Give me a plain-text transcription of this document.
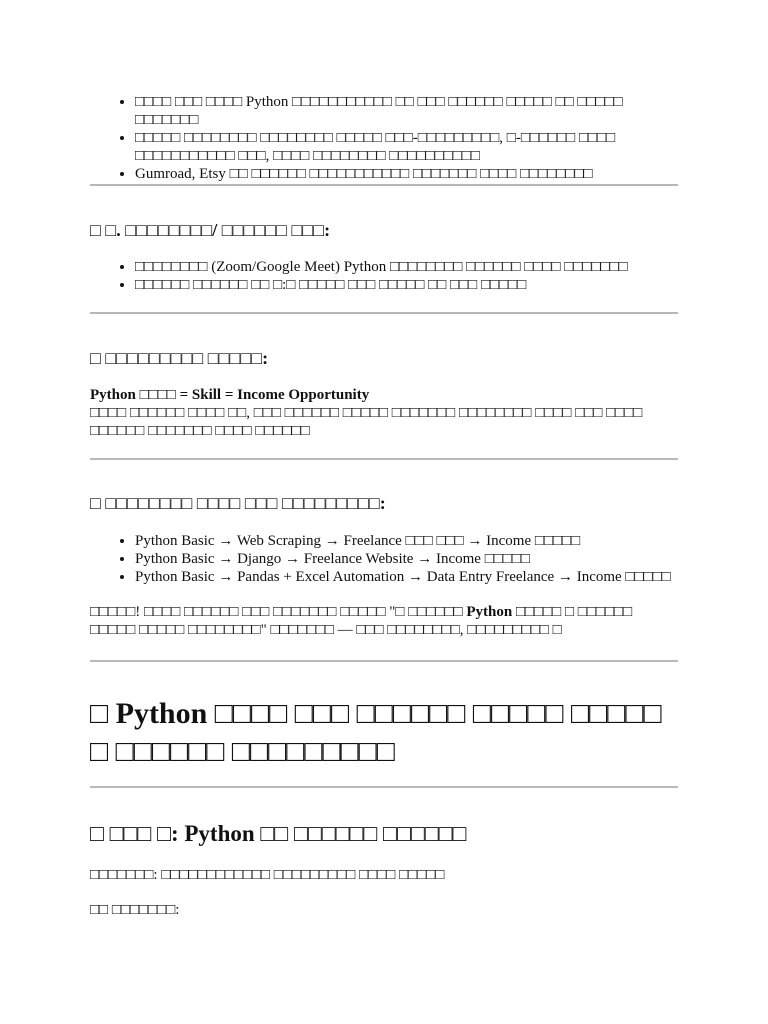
• □□□□ □□□ □□□□ Python □□□□□□□□□□□ □□ □□□ □□□□□□ □□□□□ □□ □□□□□ □□□□□□□
• □□□□□ □□□□□□□□ □□□□□□□□ □□□□□ □□□-□□□□□□□□□, □-□□□□□□ □□□□ □□□□□□□□□□□ □□□, □□□□ □□□□□□□□ □□□□□□□□□□
• Gumroad, Etsy □□ □□□□□□ □□□□□□□□□□□ □□□□□□□ □□□□ □□□□□□□□
□ □. □□□□□□□□/ □□□□□□ □□□:
• □□□□□□□□ (Zoom/Google Meet) Python □□□□□□□□ □□□□□□ □□□□ □□□□□□□
• □□□□□□ □□□□□□ □□ □:□ □□□□□ □□□ □□□□□ □□ □□□ □□□□□
□ □□□□□□□□□ □□□□□:

Python □□□□ = Skill = Income Opportunity

□□□□ □□□□□□ □□□□ □□, □□□ □□□□□□ □□□□□ □□□□□□□ □□□□□□□□ □□□□ □□□ □□□□ □□□□□□ □□□□□□□ □□□□ □□□□□□

□ □□□□□□□□ □□□□ □□□ □□□□□□□□□:
• Python Basic → Web Scraping → Freelance □□□ □□□ → Income □□□□□
• Python Basic → Django → Freelance Website → Income □□□□□
• Python Basic → Pandas + Excel Automation → Data Entry Freelance → Income □□□□□

□□□□□! □□□□ □□□□□□ □□□ □□□□□□□ □□□□□ "□ □□□□□□ Python □□□□□ □ □□□□□□ □□□□□ □□□□□ □□□□□□□□" □□□□□□□ — □□□ □□□□□□□□, □□□□□□□□□ □

□ Python □□□□ □□□ □□□□□□ □□□□□ □□□□□ □ □□□□□□ □□□□□□□□□
□ □□□ □: Python □□ □□□□□□ □□□□□□

□□□□□□□: □□□□□□□□□□□□ □□□□□□□□□ □□□□ □□□□□

□□ □□□□□□□:
